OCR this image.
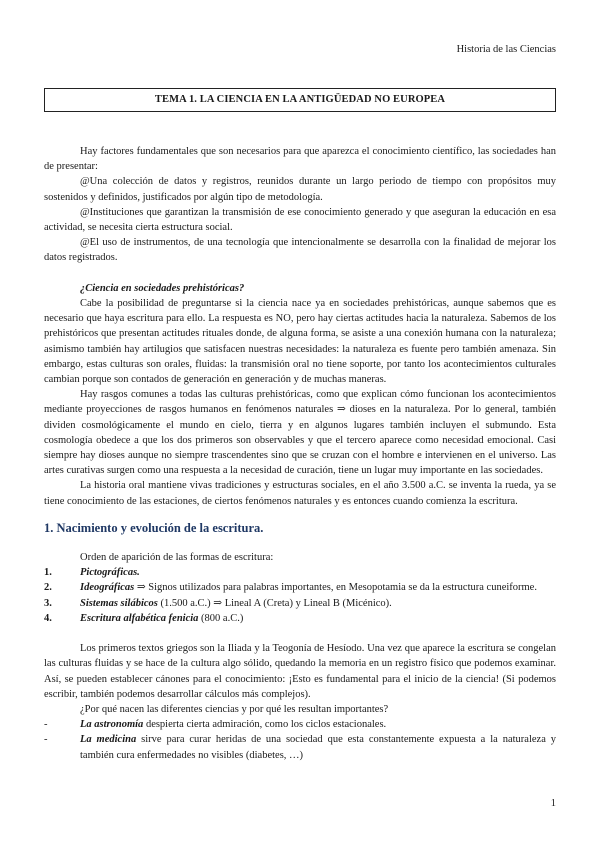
Historia de las Ciencias
TEMA 1. LA CIENCIA EN LA ANTIGÜEDAD NO EUROPEA

Hay factores fundamentales que son necesarios para que aparezca el conocimiento científico, las sociedades han de presentar:

@Una colección de datos y registros, reunidos durante un largo periodo de tiempo con propósitos muy sostenidos y definidos, justificados por algún tipo de metodología.

@Instituciones que garantizan la transmisión de ese conocimiento generado y que aseguran la educación en esa actividad, se necesita cierta estructura social.

@El uso de instrumentos, de una tecnología que intencionalmente se desarrolla con la finalidad de mejorar los datos registrados.

¿Ciencia en sociedades prehistóricas?

Cabe la posibilidad de preguntarse si la ciencia nace ya en sociedades prehistóricas, aunque sabemos que es necesario que haya escritura para ello. La respuesta es NO, pero hay ciertas actitudes hacia la naturaleza. Sabemos de los prehistóricos que presentan actitudes rituales donde, de alguna forma, se asiste a una conexión humana con la naturaleza; asimismo también hay artilugios que satisfacen nuestras necesidades: la naturaleza es fuente pero también amenaza. Sin embargo, estas culturas son orales, fluidas: la transmisión oral no tiene soporte, por tanto los acontecimientos culturales cambian porque son contados de generación en generación y de muchas maneras.

Hay rasgos comunes a todas las culturas prehistóricas, como que explican cómo funcionan los acontecimientos mediante proyecciones de rasgos humanos en fenómenos naturales ⇒ dioses en la naturaleza. Por lo general, también dividen cosmológicamente el mundo en cielo, tierra y en algunos lugares también incluyen el submundo. Esta cosmología obedece a que los dos primeros son observables y que el tercero aparece como necesidad emocional. Casi siempre hay dioses aunque no siempre trascendentes sino que se cruzan con el hombre e intervienen en el universo. Las artes curativas surgen como una respuesta a la necesidad de curación, tiene un lugar muy importante en las sociedades.

La historia oral mantiene vivas tradiciones y estructuras sociales, en el año 3.500 a.C. se inventa la rueda, ya se tiene conocimiento de las estaciones, de ciertos fenómenos naturales y es entonces cuando comienza la escritura.

1. Nacimiento y evolución de la escritura.

Orden de aparición de las formas de escritura:

1.	Pictográficas.
2.	Ideográficas ⇒ Signos utilizados para palabras importantes, en Mesopotamia se da la estructura cuneiforme.
3.	Sistemas silábicos (1.500 a.C.) ⇒ Lineal A (Creta) y Lineal B (Micénico).
4.	Escritura alfabética fenicia (800 a.C.)

Los primeros textos griegos son la Iliada y la Teogonía de Hesíodo. Una vez que aparece la escritura se congelan las culturas fluidas y se hace de la cultura algo sólido, quedando la memoria en un registro físico que podemos examinar. Así, se pueden establecer cánones para el conocimiento: ¡Esto es fundamental para el inicio de la ciencia! (Si podemos escribir, también podemos desarrollar cálculos más complejos).

¿Por qué nacen las diferentes ciencias y por qué les resultan importantes?

-	La astronomía despierta cierta admiración, como los ciclos estacionales.
-	La medicina sirve para curar heridas de una sociedad que esta constantemente expuesta a la naturaleza y también cura enfermedades no visibles (diabetes, …)
1
